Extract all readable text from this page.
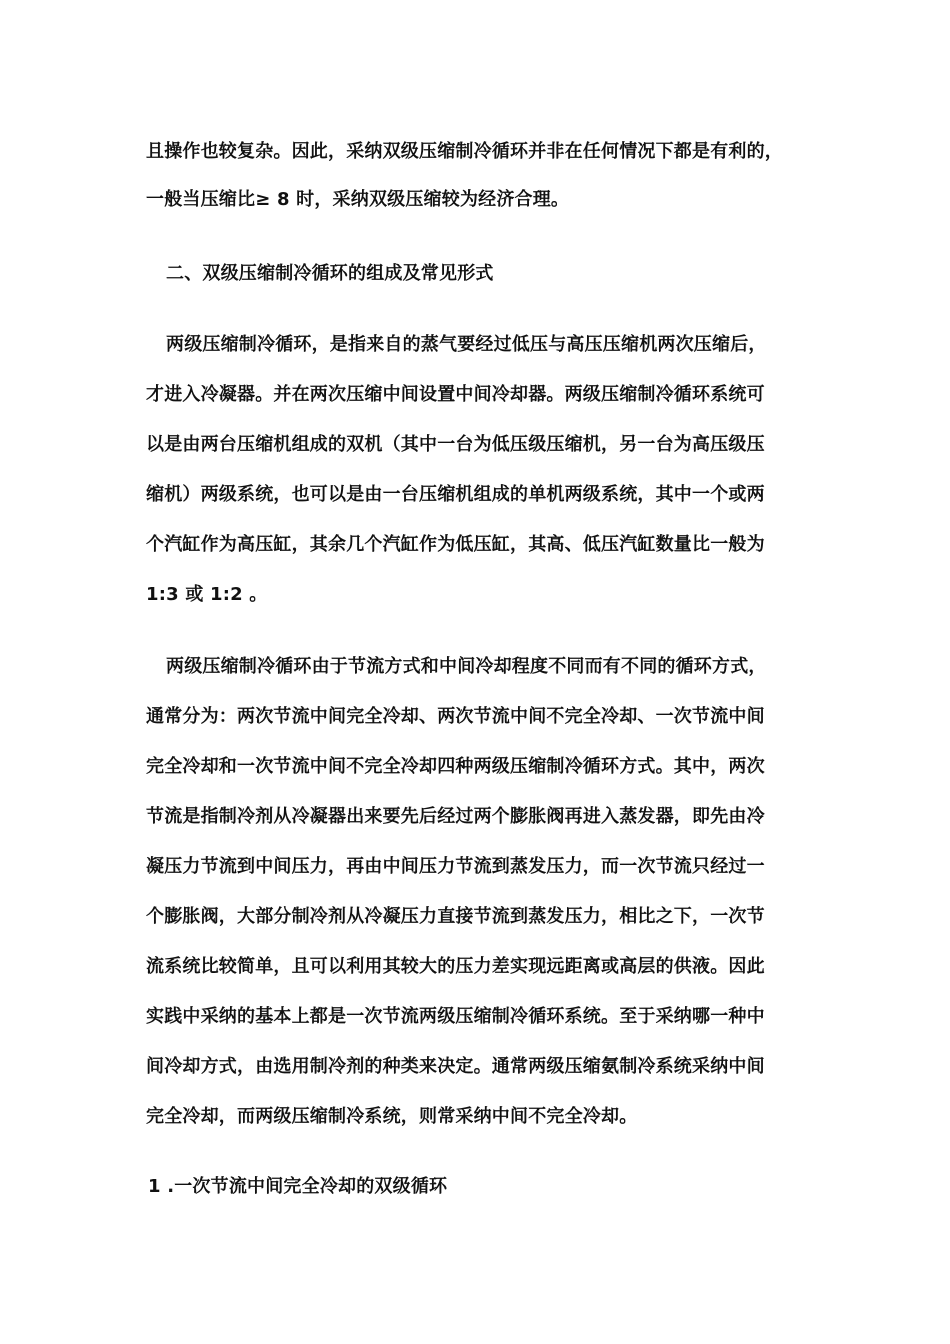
且操作也较复杂。因此，采纳双级压缩制冷循环并非在任何情况下都是有利的，
一般当压缩比≥ 8 时，采纳双级压缩较为经济合理。
二、双级压缩制冷循环的组成及常见形式
两级压缩制冷循环，是指来自的蒸气要经过低压与高压压缩机两次压缩后，
才进入冷凝器。并在两次压缩中间设置中间冷却器。两级压缩制冷循环系统可
以是由两台压缩机组成的双机（其中一台为低压级压缩机，另一台为高压级压
缩机）两级系统，也可以是由一台压缩机组成的单机两级系统，其中一个或两
个汽缸作为高压缸，其余几个汽缸作为低压缸，其高、低压汽缸数量比一般为
1:3 或 1:2 。
两级压缩制冷循环由于节流方式和中间冷却程度不同而有不同的循环方式，
通常分为：两次节流中间完全冷却、两次节流中间不完全冷却、一次节流中间
完全冷却和一次节流中间不完全冷却四种两级压缩制冷循环方式。其中，两次
节流是指制冷剂从冷凝器出来要先后经过两个膨胀阀再进入蒸发器，即先由冷
凝压力节流到中间压力，再由中间压力节流到蒸发压力，而一次节流只经过一
个膨胀阀，大部分制冷剂从冷凝压力直接节流到蒸发压力，相比之下，一次节
流系统比较简单，且可以利用其较大的压力差实现远距离或高层的供液。因此
实践中采纳的基本上都是一次节流两级压缩制冷循环系统。至于采纳哪一种中
间冷却方式，由选用制冷剂的种类来决定。通常两级压缩氨制冷系统采纳中间
完全冷却，而两级压缩制冷系统，则常采纳中间不完全冷却。
1 .一次节流中间完全冷却的双级循环
